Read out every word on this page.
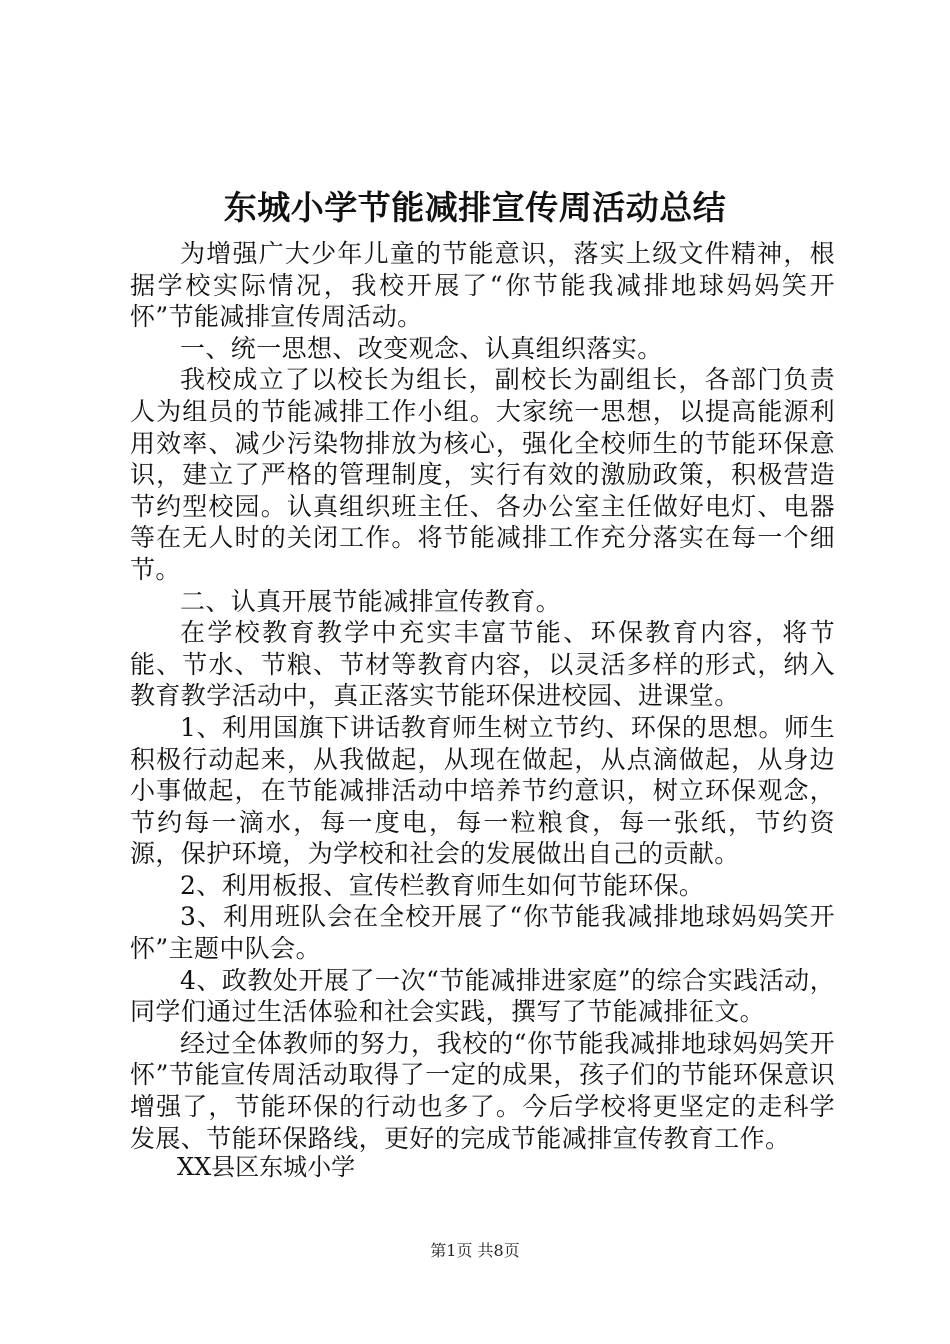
东城小学节能减排宣传周活动总结

为增强广大少年儿童的节能意识，落实上级文件精神，根据学校实际情况，我校开展了“你节能我减排地球妈妈笑开怀”节能减排宣传周活动。

一、统一思想、改变观念、认真组织落实。

我校成立了以校长为组长，副校长为副组长，各部门负责人为组员的节能减排工作小组。大家统一思想，以提高能源利用效率、减少污染物排放为核心，强化全校师生的节能环保意识，建立了严格的管理制度，实行有效的激励政策，积极营造节约型校园。认真组织班主任、各办公室主任做好电灯、电器等在无人时的关闭工作。将节能减排工作充分落实在每一个细节。

二、认真开展节能减排宣传教育。

在学校教育教学中充实丰富节能、环保教育内容，将节能、节水、节粮、节材等教育内容，以灵活多样的形式，纳入教育教学活动中，真正落实节能环保进校园、进课堂。

1、利用国旗下讲话教育师生树立节约、环保的思想。师生积极行动起来，从我做起，从现在做起，从点滴做起，从身边小事做起，在节能减排活动中培养节约意识，树立环保观念，节约每一滴水，每一度电，每一粒粮食，每一张纸，节约资源，保护环境，为学校和社会的发展做出自己的贡献。

2、利用板报、宣传栏教育师生如何节能环保。

3、利用班队会在全校开展了“你节能我减排地球妈妈笑开怀”主题中队会。

4、政教处开展了一次“节能减排进家庭”的综合实践活动，同学们通过生活体验和社会实践，撰写了节能减排征文。

经过全体教师的努力，我校的“你节能我减排地球妈妈笑开怀”节能宣传周活动取得了一定的成果，孩子们的节能环保意识增强了，节能环保的行动也多了。今后学校将更坚定的走科学发展、节能环保路线，更好的完成节能减排宣传教育工作。

XX县区东城小学

第1页 共8页
